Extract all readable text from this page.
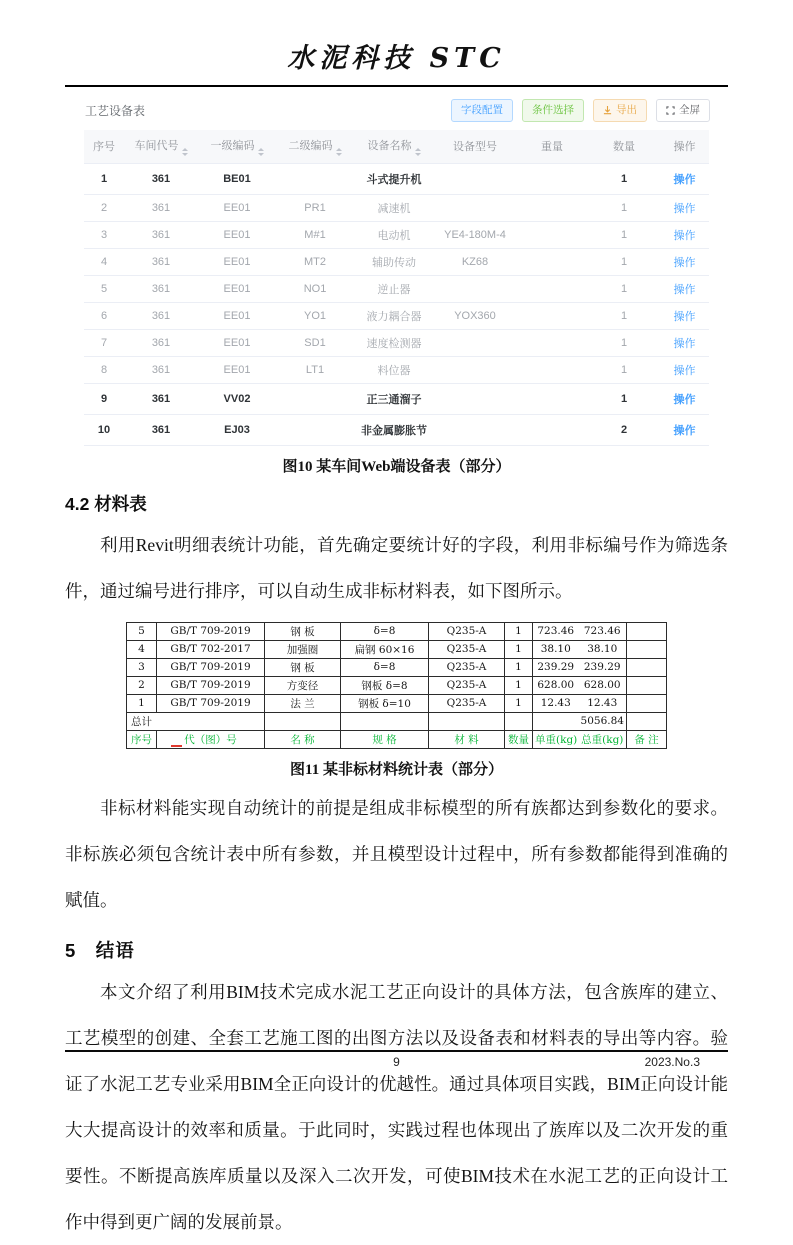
水泥科技 STC
工艺设备表	字段配置	条件选择	导出	全屏
序号	车间代号	一级编码	二级编码	设备名称	设备型号	重量	数量	操作
1	361	BE01		斗式提升机			1	操作
2	361	EE01	PR1	减速机			1	操作
3	361	EE01	M#1	电动机	YE4-180M-4		1	操作
4	361	EE01	MT2	辅助传动	KZ68		1	操作
5	361	EE01	NO1	逆止器			1	操作
6	361	EE01	YO1	液力耦合器	YOX360		1	操作
7	361	EE01	SD1	速度检测器			1	操作
8	361	EE01	LT1	料位器			1	操作
9	361	VV02		正三通溜子			1	操作
10	361	EJ03		非金属膨胀节			2	操作
图10 某车间Web端设备表（部分）
4.2 材料表
利用Revit明细表统计功能，首先确定要统计好的字段，利用非标编号作为筛选条件，通过编号进行排序，可以自动生成非标材料表，如下图所示。
5	GB/T 709-2019	钢 板	δ=8	Q235-A	1	723.46	723.46	
4	GB/T 702-2017	加强圈	扁钢 60×16	Q235-A	1	38.10	38.10	
3	GB/T 709-2019	钢 板	δ=8	Q235-A	1	239.29	239.29	
2	GB/T 709-2019	方变径	钢板 δ=8	Q235-A	1	628.00	628.00	
1	GB/T 709-2019	法 兰	钢板 δ=10	Q235-A	1	12.43	12.43	
总计							5056.84	
序号	代（图）号	名 称	规 格	材 料	数量	单重(kg)	总重(kg)	备 注
图11 某非标材料统计表（部分）
非标材料能实现自动统计的前提是组成非标模型的所有族都达到参数化的要求。非标族必须包含统计表中所有参数，并且模型设计过程中，所有参数都能得到准确的赋值。
5　结语
本文介绍了利用BIM技术完成水泥工艺正向设计的具体方法，包含族库的建立、工艺模型的创建、全套工艺施工图的出图方法以及设备表和材料表的导出等内容。验证了水泥工艺专业采用BIM全正向设计的优越性。通过具体项目实践，BIM正向设计能大大提高设计的效率和质量。于此同时，实践过程也体现出了族库以及二次开发的重要性。不断提高族库质量以及深入二次开发，可使BIM技术在水泥工艺的正向设计工作中得到更广阔的发展前景。
9	2023.No.3
